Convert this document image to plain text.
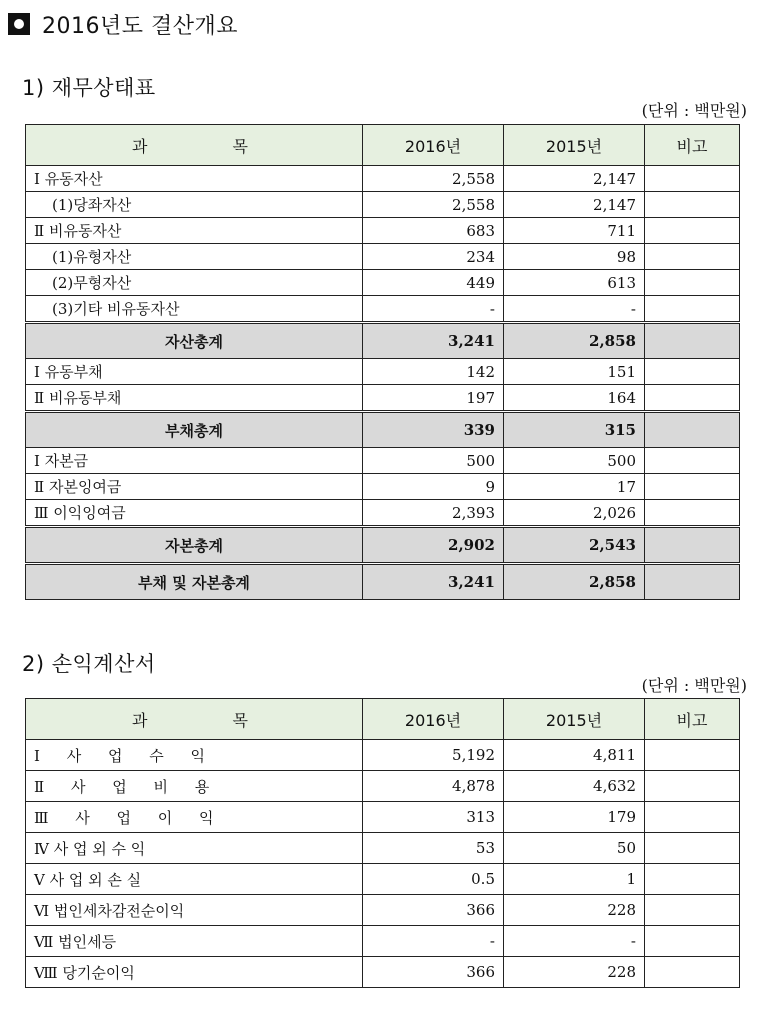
2016년도 결산개요
1) 재무상태표
(단위 : 백만원)
과 목	2016년	2015년	비고
Ⅰ 유동자산	2,558	2,147	
(1)당좌자산	2,558	2,147	
Ⅱ 비유동자산	683	711	
(1)유형자산	234	98	
(2)무형자산	449	613	
(3)기타 비유동자산	-	-	
자산총계	3,241	2,858	
Ⅰ 유동부채	142	151	
Ⅱ 비유동부채	197	164	
부채총계	339	315	
Ⅰ 자본금	500	500	
Ⅱ 자본잉여금	9	17	
Ⅲ 이익잉여금	2,393	2,026	
자본총계	2,902	2,543	
부채 및 자본총계	3,241	2,858	
2) 손익계산서
(단위 : 백만원)
과 목	2016년	2015년	비고
Ⅰ 사 업 수 익	5,192	4,811	
Ⅱ 사 업 비 용	4,878	4,632	
Ⅲ 사 업 이 익	313	179	
Ⅳ 사 업 외 수 익	53	50	
Ⅴ 사 업 외 손 실	0.5	1	
Ⅵ 법인세차감전순이익	366	228	
Ⅶ 법인세등	-	-	
Ⅷ 당기순이익	366	228	
